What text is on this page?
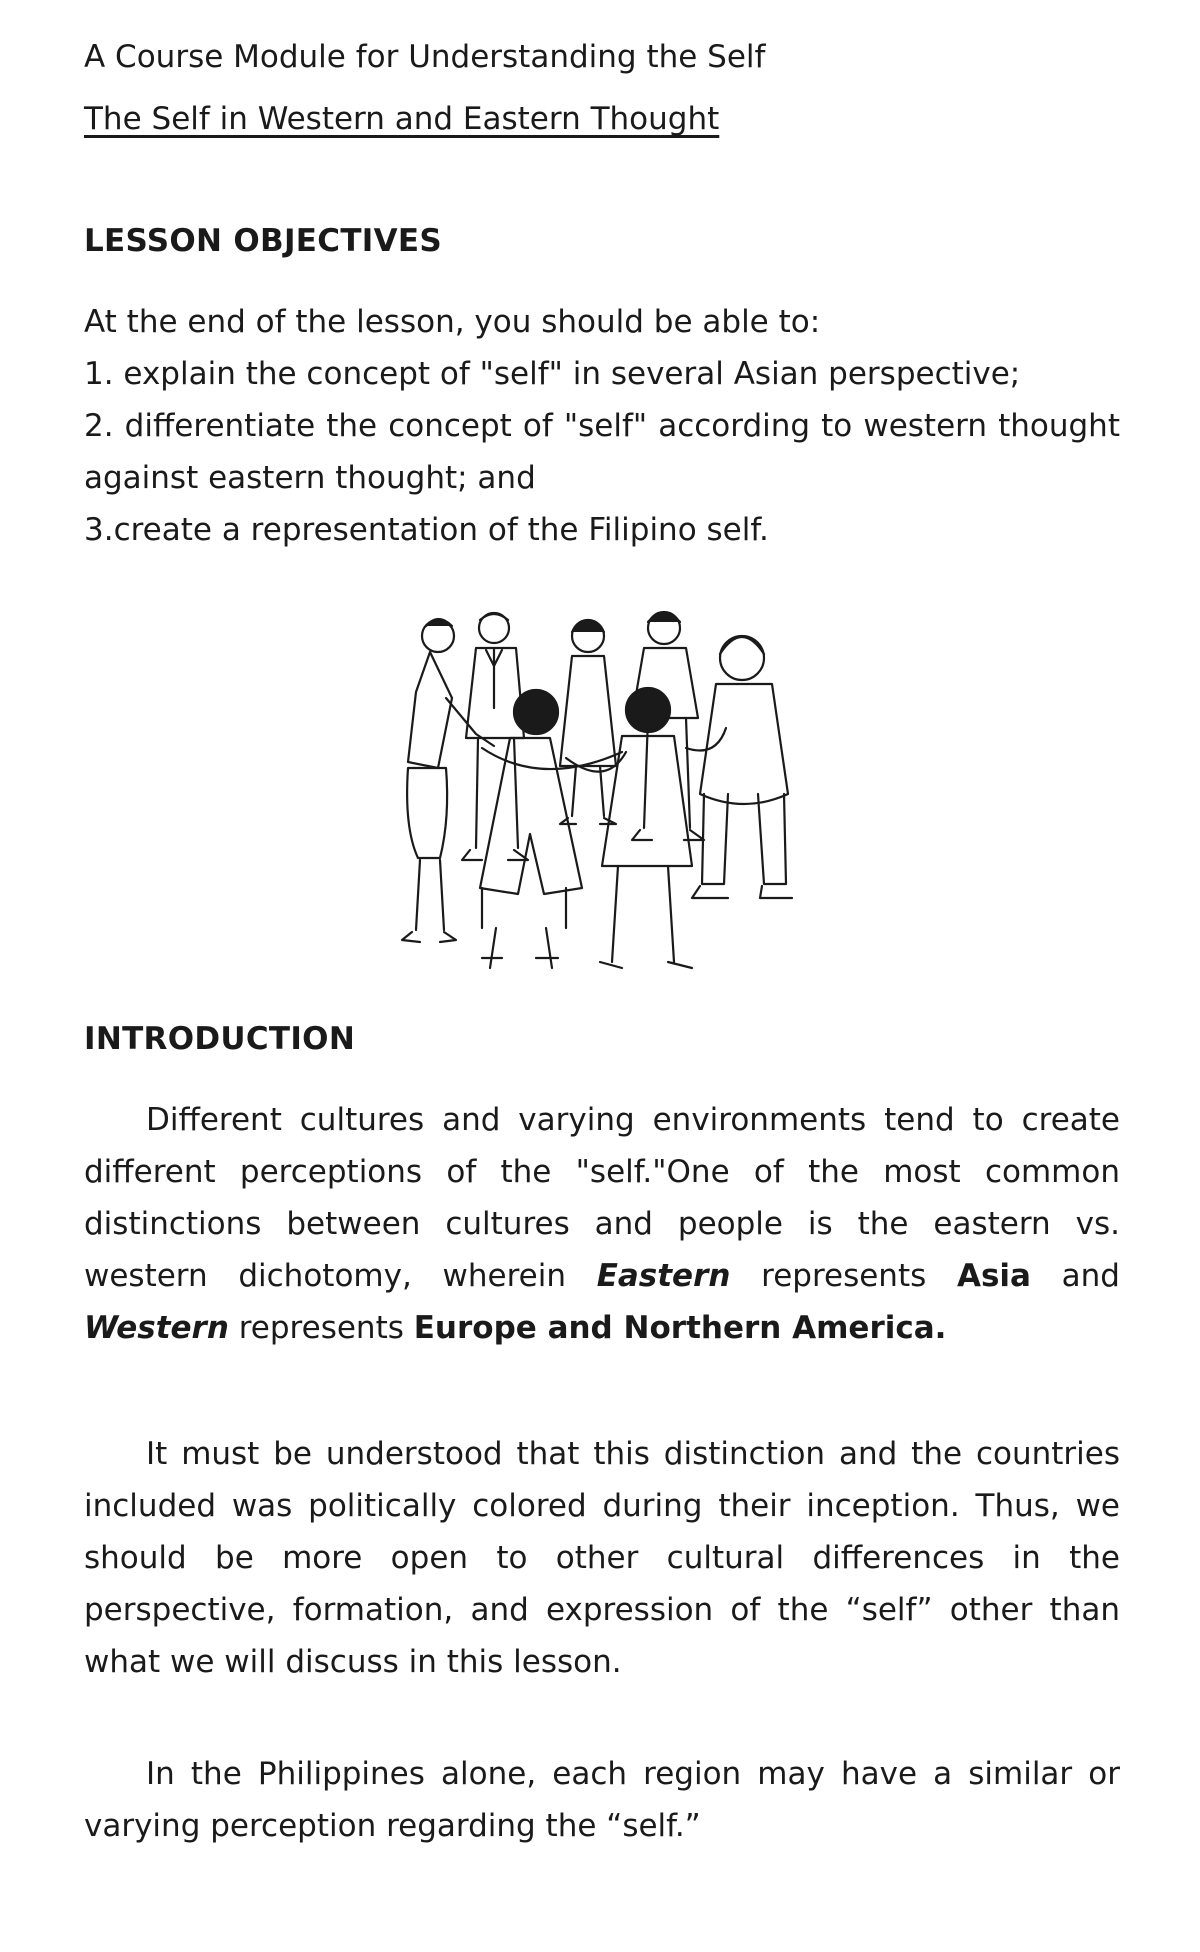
A Course Module for Understanding the Self
The Self in Western and Eastern Thought
LESSON OBJECTIVES
At the end of the lesson, you should be able to:
1. explain the concept of "self" in several Asian perspective;
2. differentiate the concept of "self" according to western thought against eastern thought; and
3.create a representation of the Filipino self.
INTRODUCTION

Different cultures and varying environments tend to create different perceptions of the "self."One of the most common distinctions between cultures and people is the eastern vs. western dichotomy, wherein Eastern represents Asia and Western represents Europe and Northern America.

It must be understood that this distinction and the countries included was politically colored during their inception. Thus, we should be more open to other cultural differences in the perspective, formation, and expression of the “self” other than what we will discuss in this lesson.

In the Philippines alone, each region may have a similar or varying perception regarding the “self.”
